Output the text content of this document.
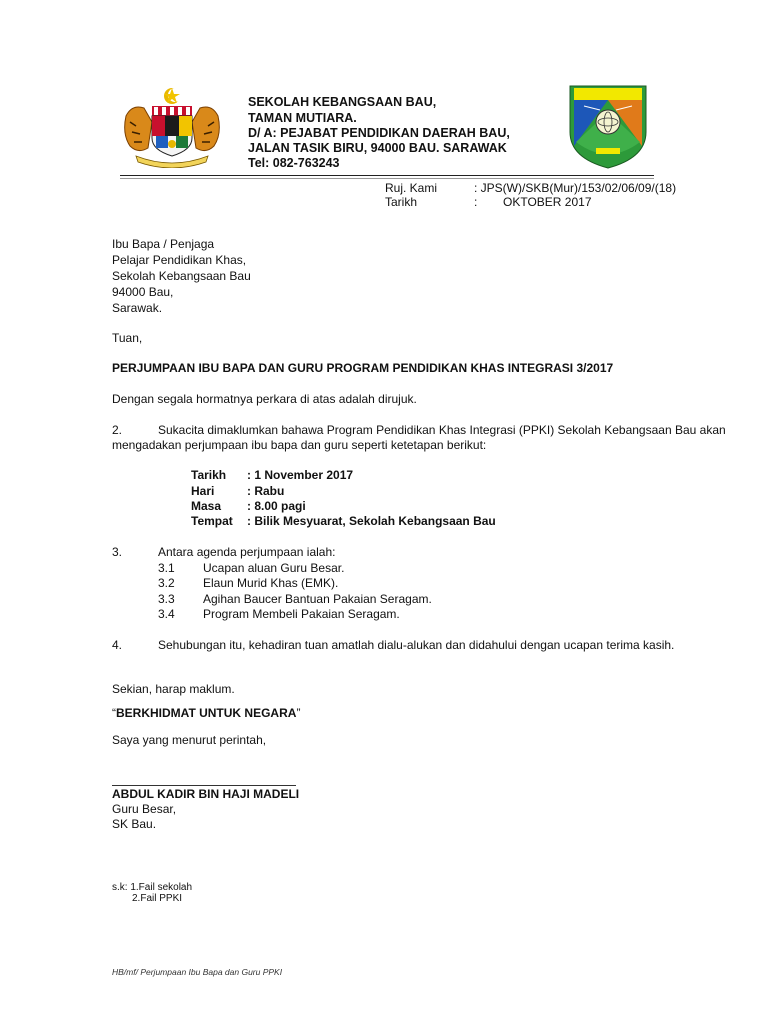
SEKOLAH KEBANGSAAN BAU,
TAMAN MUTIARA.
D/ A: PEJABAT PENDIDIKAN DAERAH BAU,
JALAN TASIK BIRU, 94000 BAU. SARAWAK
Tel: 082-763243
Ruj. Kami	: JPS(W)/SKB(Mur)/153/02/06/09/(18)
Tarikh	: OKTOBER 2017
Ibu Bapa / Penjaga
Pelajar Pendidikan Khas,
Sekolah Kebangsaan Bau
94000 Bau,
Sarawak.
Tuan,
PERJUMPAAN IBU BAPA DAN GURU PROGRAM PENDIDIKAN KHAS INTEGRASI 3/2017
Dengan segala hormatnya perkara di atas adalah dirujuk.
2.	Sukacita dimaklumkan bahawa Program Pendidikan Khas Integrasi (PPKI) Sekolah Kebangsaan Bau akan
mengadakan perjumpaan ibu bapa dan guru seperti ketetapan berikut:
Tarikh : 1 November 2017
Hari	: Rabu
Masa : 8.00 pagi
Tempat : Bilik Mesyuarat, Sekolah Kebangsaan Bau
3.	Antara agenda perjumpaan ialah:
3.1 Ucapan aluan Guru Besar.
3.2 Elaun Murid Khas (EMK).
3.3 Agihan Baucer Bantuan Pakaian Seragam.
3.4 Program Membeli Pakaian Seragam.
4.	Sehubungan itu, kehadiran tuan amatlah dialu-alukan dan didahului dengan ucapan terima kasih.
Sekian, harap maklum.
“BERKHIDMAT UNTUK NEGARA”
Saya yang menurut perintah,
ABDUL KADIR BIN HAJI MADELI
Guru Besar,
SK Bau.
s.k: 1.Fail sekolah
2.Fail PPKI
HB/mf/ Perjumpaan Ibu Bapa dan Guru PPKI
